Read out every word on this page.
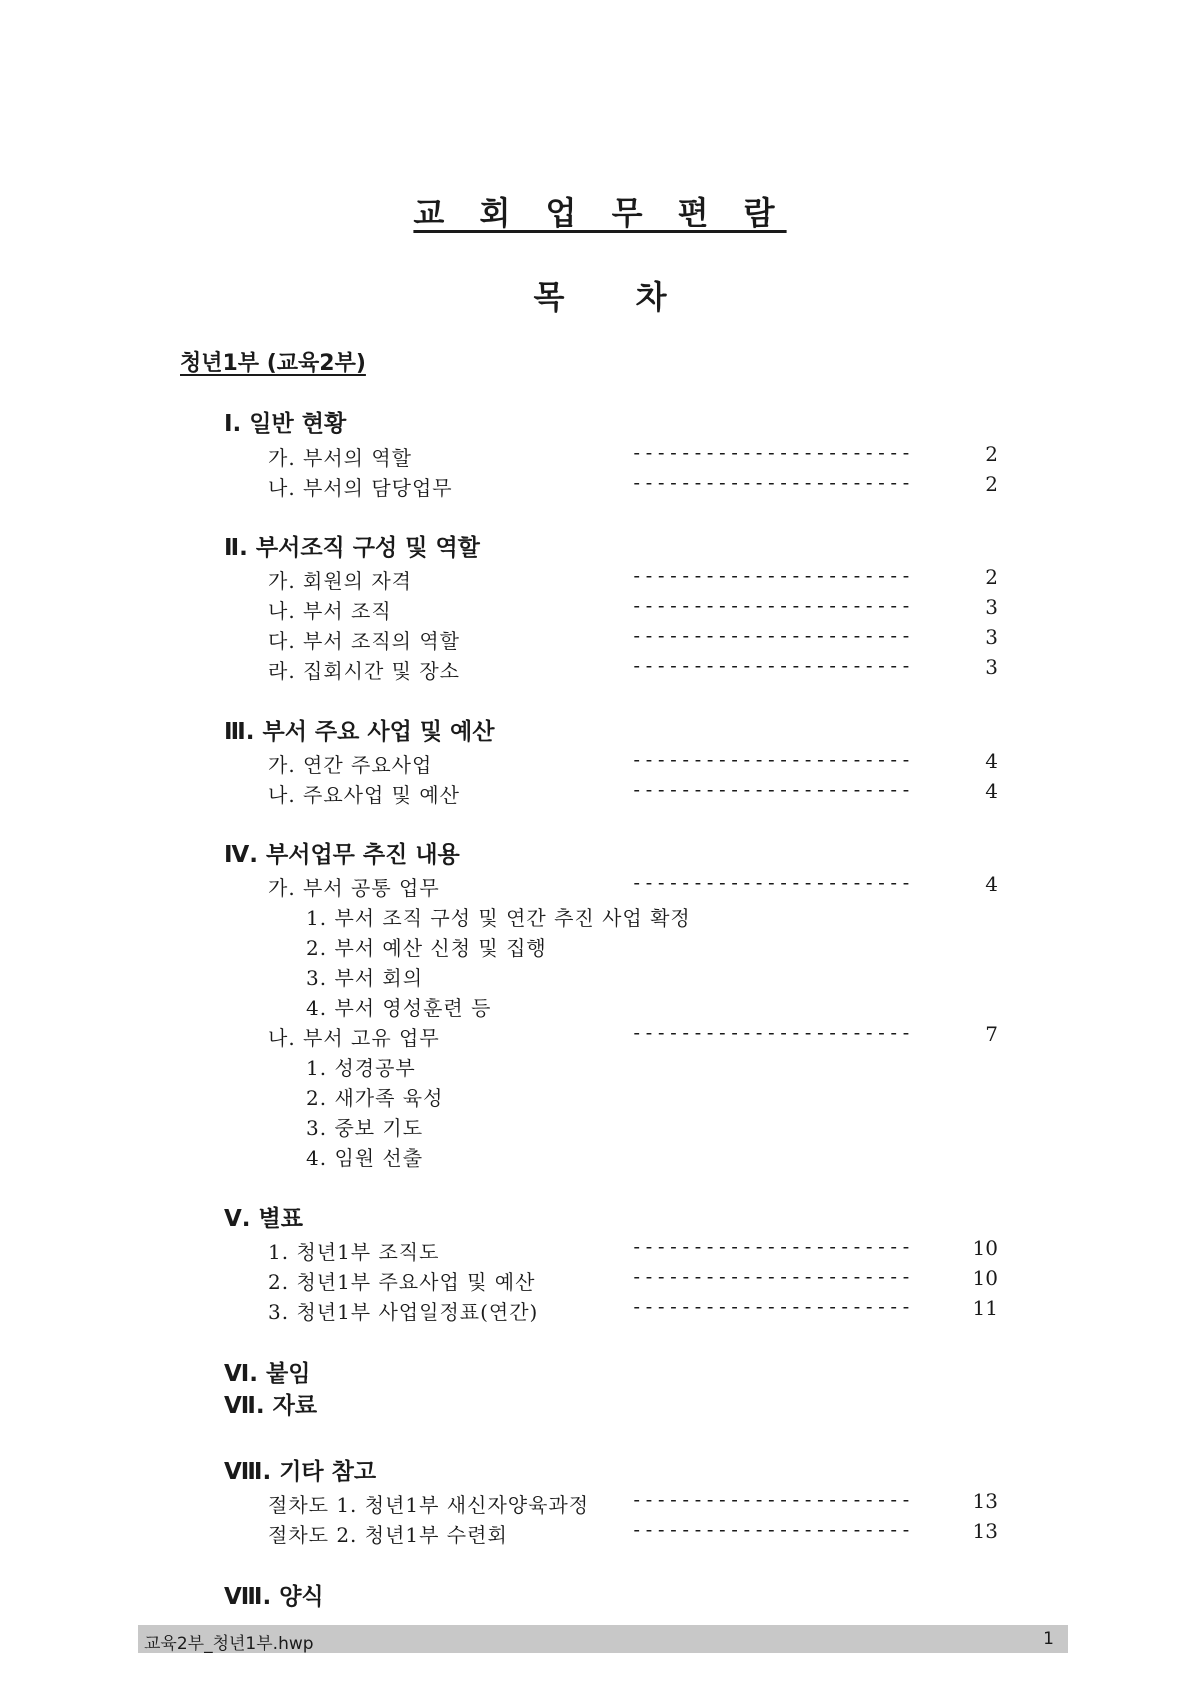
교 회 업 무 편 람
목 차
청년1부 (교육2부)
Ⅰ. 일반 현황
가. 부서의 역할	-----------------------	2
나. 부서의 담당업무	-----------------------	2
Ⅱ. 부서조직 구성 및 역할
가. 회원의 자격	-----------------------	2
나. 부서 조직	-----------------------	3
다. 부서 조직의 역할	-----------------------	3
라. 집회시간 및 장소	-----------------------	3
Ⅲ. 부서 주요 사업 및 예산
가. 연간 주요사업	-----------------------	4
나. 주요사업 및 예산	-----------------------	4
Ⅳ. 부서업무 추진 내용
가. 부서 공통 업무	-----------------------	4
1. 부서 조직 구성 및 연간 추진 사업 확정
2. 부서 예산 신청 및 집행
3. 부서 회의
4. 부서 영성훈련 등
나. 부서 고유 업무	-----------------------	7
1. 성경공부
2. 새가족 육성
3. 중보 기도
4. 임원 선출
Ⅴ. 별표
1. 청년1부 조직도	-----------------------	10
2. 청년1부 주요사업 및 예산	-----------------------	10
3. 청년1부 사업일정표(연간)	-----------------------	11
Ⅵ. 붙임
Ⅶ. 자료
Ⅷ. 기타 참고
절차도 1. 청년1부 새신자양육과정 -----------------------	13
절차도 2. 청년1부 수련회	-----------------------	13
Ⅷ. 양식
교육2부_청년1부.hwp	1
